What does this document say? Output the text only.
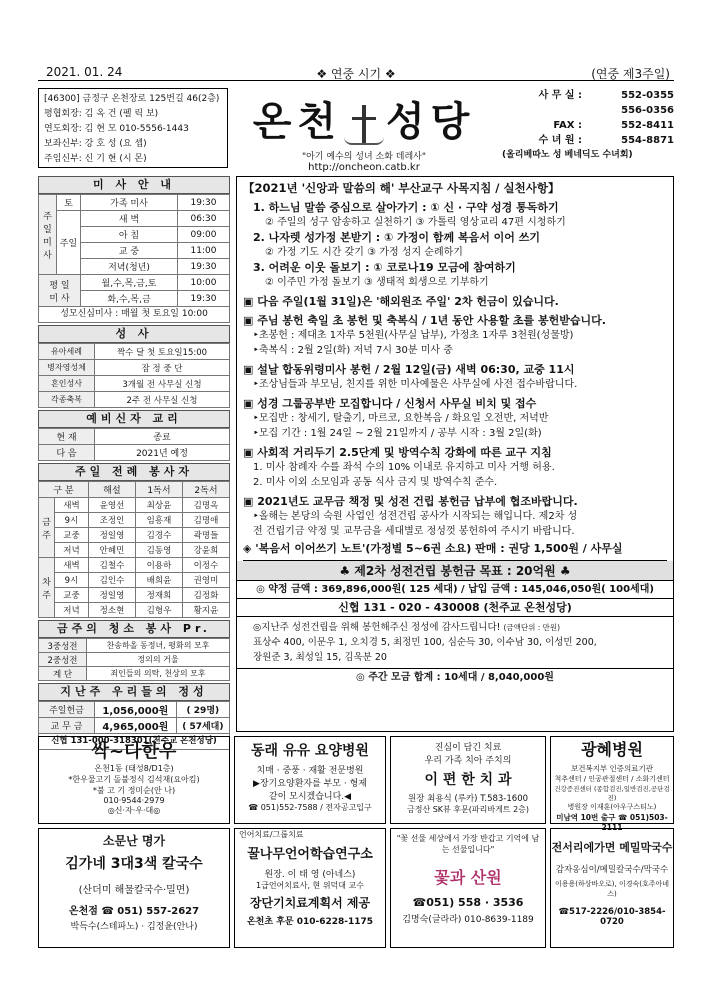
2021. 01. 24	❖ 연중 시기 ❖	(연중 제3주일)
[46300] 금정구 온천장로 125번길 46(2층)
평협회장: 김 옥 건 (펠 릭 보)
연도회장: 김 현 모 010-5556-1443
보좌신부: 강 호 성 (요 셉)
주임신부: 신 기 현 (시 몬)
온천 성당
"아기 예수의 성녀 소화 데레사"
http://oncheon.catb.kr
사 무 실 :	552-0355
556-0356
FAX :	552-8411
수 녀 원 :	554-8871
(올리베따노 성 베네딕도 수녀회)
미 사 안 내
주
일
미
사	토	가족 미사	19:30
	주일	새 벽	06:30
		아 침	09:00
		교 중	11:00
		저녁(청년)	19:30
평 일
미 사		월,수,목,금,토	10:00
		화,수,목,금	19:30
성모신심미사 : 매월 첫 토요일 10:00
성 사
유아세례	짝수 달 첫 토요일15:00
병자영성체	잠 정 중 단
혼인성사	3개월 전 사무실 신청
각종축복	2주 전 사무실 신청
예비신자 교리
현 재	종료
다 음	2021년 예정
주일 전례 봉사자
구 분		해설	1독서	2독서
금주	새벽	윤영선	최상윤	김명옥
	9시	조정인	임흥재	김명애
	교중	정일영	김경수	곽명들
	저녁	안혜민	김동영	강윤희
차주	새벽	김철수	이용하	이정수
	9시	김인수	배희윤	권영미
	교중	정일영	정재희	김정화
	저녁	정소현	김형우	황지윤
금주의 청소 봉사 Pr.
3중성전	찬송하올 동정녀, 평화의 모후
2중성전	정의의 거울
계 단	죄인들의 의탁, 천상의 모후
지난주 우리들의 정성
주일헌금	1,056,000원	( 29명)
교 무 금	4,965,000원	( 57세대)
신협 131-000-318301(천주교 온천성당)
【2021년 '신앙과 말씀의 해' 부산교구 사목지침 / 실천사항】
1. 하느님 말씀 중심으로 살아가기 : ① 신 · 구약 성경 통독하기
② 주일의 성구 암송하고 실천하기 ③ 가톨릭 영상교리 47편 시청하기
2. 나자렛 성가정 본받기 : ① 가정이 함께 복음서 이어 쓰기
② 가정 기도 시간 갖기 ③ 가정 성지 순례하기
3. 어려운 이웃 돌보기 : ① 코로나19 모금에 참여하기
② 이주민 가정 돌보기 ③ 생태적 회생으로 기부하기
▣ 다음 주일(1월 31일)은 '해외원조 주일' 2차 헌금이 있습니다.
▣ 주님 봉헌 축일 초 봉헌 및 축복식 / 1년 동안 사용할 초를 봉헌받습니다.
‣초봉헌 : 제대초 1자루 5천원(사무실 납부), 가정초 1자루 3천원(성물방)
‣축복식 : 2월 2일(화) 저녁 7시 30분 미사 중
▣ 설날 합동위령미사 봉헌 / 2월 12일(금) 새벽 06:30, 교중 11시
‣조상님들과 부모님, 친지를 위한 미사예물은 사무실에 사전 접수바랍니다.
▣ 성경 그룹공부반 모집합니다 / 신청서 사무실 비치 및 접수
‣모집반 : 창세기, 탈출기, 마르코, 요한복음 / 화요일 오전반, 저녁반
‣모집 기간 : 1월 24일 ~ 2월 21일까지 / 공부 시작 : 3월 2일(화)
▣ 사회적 거리두기 2.5단계 및 방역수칙 강화에 따른 교구 지침
1. 미사 참례자 수를 좌석 수의 10% 이내로 유지하고 미사 거행 허용.
2. 미사 이외 소모임과 공동 식사 금지 및 방역수칙 준수.
▣ 2021년도 교무금 책정 및 성전 건립 봉헌금 납부에 협조바랍니다.
‣올해는 본당의 숙원 사업인 성전건립 공사가 시작되는 해입니다. 제2차 성
전 건립기금 약정 및 교무금을 세대별로 정성껏 봉헌하여 주시기 바랍니다.
◈ '복음서 이어쓰기 노트'(가정별 5~6권 소요) 판매 : 권당 1,500원 / 사무실
♣ 제2차 성전건립 봉헌금 목표 : 20억원 ♣
◎ 약정 금액 : 369,896,000원( 125 세대) / 납입 금액 : 145,046,050원( 100세대)
신협 131 - 020 - 430008 (천주교 온천성당)
◎지난주 성전건립을 위해 봉헌해주신 정성에 감사드립니다! (금액단위 : 만원)
표상수 400, 이문우 1, 오치경 5, 최정민 100, 심순득 30, 이수남 30, 이성민 200,
장원준 3, 최성일 15, 김욱분 20
◎ 주간 모금 합계 : 10세대 / 8,040,000원
싹~다한우
온천1동 (태성8/D1층)
*한우물고기 돌불정식 김석재(요아킴)
*불 고 기 정미순(안 나)
010·9544·2979
◎신·자·우·대◎
동래 유유 요양병원
치매 · 중풍 · 재활 전문병원
▶장기요양환자를 부모 · 형제
같이 모시겠습니다.◀
☎ 051)552-7588 / 전자공고입구
진심이 담긴 치료
우리 가족 치아 주치의
이 편 한 치 과
원장 최용식 (루카) T.583-1600
금정산 SK뷰 후문(파리바게트 2층)
광혜병원
보건복지부 인증의료기관
척추센터 / 인공관절센터 / 소화기센터
건강증진센터 (종합검진,일반검진,공단검진)
병원장 이재훈(아우구스티노)
미남역 10번 출구 ☎ 051)503-2111
소문난 명가
김가네 3대3색 칼국수
(산더미 해물칼국수·밀면)
온천점 ☎ 051) 557-2627
박득수(스테파노) · 김정윤(안나)
언어치료/그룹치료
꿀나무언어학습연구소
원장. 이 태 영 (아네스)
1급언어치료사, 현 위덕대 교수
장단기치료계획서 제공
온천초 후문 010-6228-1175
"꽃 선물 세상에서 가장 반갑고 기억에 남는 선물입니다"
꽃과 산원
☎051) 558 · 3536
김명숙(글라라) 010-8639-1189
전서리에가면 메밀막국수
감자옹심이/메밀칼국수/막국수
이용용(하상바오로), 이경숙(호주아녜스)
☎517-2226/010-3854-0720
